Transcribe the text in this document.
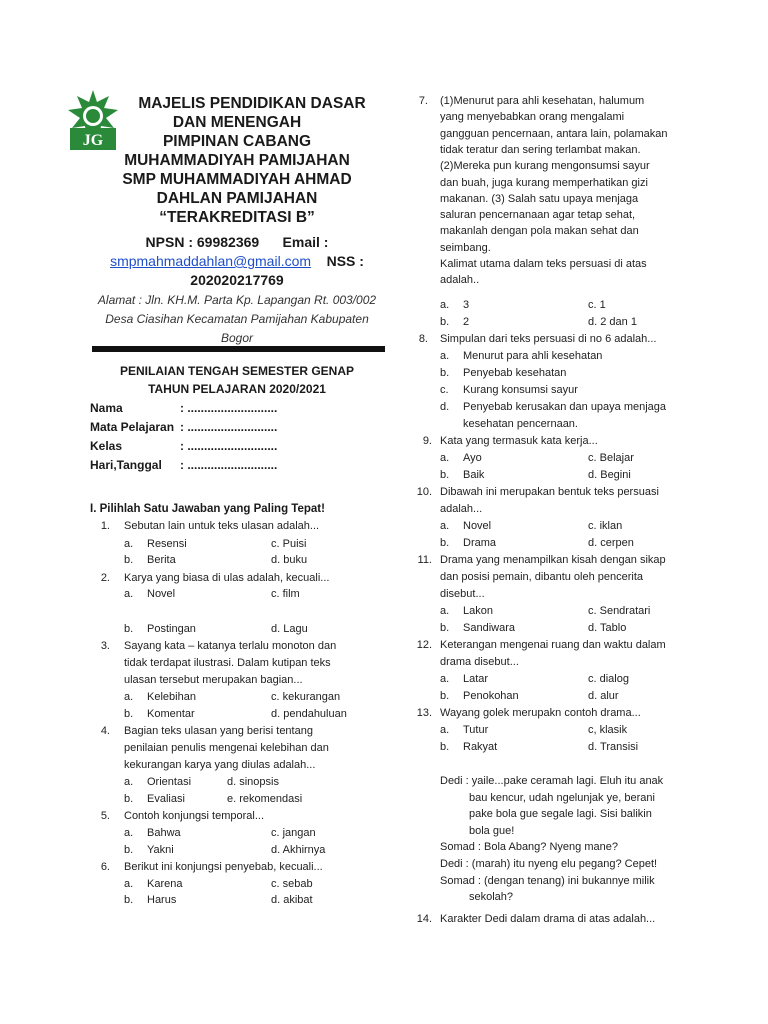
JG
MAJELIS PENDIDIKAN DASAR
DAN MENENGAH
PIMPINAN CABANG
MUHAMMADIYAH PAMIJAHAN
SMP MUHAMMADIYAH AHMAD
DAHLAN PAMIJAHAN
“TERAKREDITASI B”
NPSN : 69982369 Email :
smpmahmaddahlan@gmail.com NSS :
202020217769
Alamat : Jln. KH.M. Parta Kp. Lapangan Rt. 003/002
Desa Ciasihan Kecamatan Pamijahan Kabupaten
Bogor
PENILAIAN TENGAH SEMESTER GENAP
TAHUN PELAJARAN 2020/2021
Nama	: ...........................
Mata Pelajaran : ...........................
Kelas	: ...........................
Hari,Tanggal : ...........................
I. Pilihlah Satu Jawaban yang Paling Tepat!
1. Sebutan lain untuk teks ulasan adalah...
a. Resensi	c. Puisi
b. Berita	d. buku
2. Karya yang biasa di ulas adalah, kecuali...
a. Novel	c. film
b. Postingan	d. Lagu
3. Sayang kata – katanya terlalu monoton dan
tidak terdapat ilustrasi. Dalam kutipan teks
ulasan tersebut merupakan bagian...
a. Kelebihan	c. kekurangan
b. Komentar	d. pendahuluan
4. Bagian teks ulasan yang berisi tentang
penilaian penulis mengenai kelebihan dan
kekurangan karya yang diulas adalah...
a. Orientasi	d. sinopsis
b. Evaliasi	e. rekomendasi
5. Contoh konjungsi temporal...
a. Bahwa	c. jangan
b. Yakni	d. Akhirnya
6. Berikut ini konjungsi penyebab, kecuali...
a. Karena	c. sebab
b. Harus	d. akibat
7. (1)Menurut para ahli kesehatan, halumum
yang menyebabkan orang mengalami
gangguan pencernaan, antara lain, polamakan
tidak teratur dan sering terlambat makan.
(2)Mereka pun kurang mengonsumsi sayur
dan buah, juga kurang memperhatikan gizi
makanan. (3) Salah satu upaya menjaga
saluran pencernanaan agar tetap sehat,
makanlah dengan pola makan sehat dan
seimbang.
Kalimat utama dalam teks persuasi di atas
adalah..
a. 3	c. 1
b. 2	d. 2 dan 1
8. Simpulan dari teks persuasi di no 6 adalah...
a. Menurut para ahli kesehatan
b. Penyebab kesehatan
c. Kurang konsumsi sayur
d. Penyebab kerusakan dan upaya menjaga
kesehatan pencernaan.
9. Kata yang termasuk kata kerja...
a. Ayo	c. Belajar
b. Baik	d. Begini
10. Dibawah ini merupakan bentuk teks persuasi
adalah...
a. Novel	c. iklan
b. Drama	d. cerpen
11. Drama yang menampilkan kisah dengan sikap
dan posisi pemain, dibantu oleh pencerita
disebut...
a. Lakon	c. Sendratari
b. Sandiwara	d. Tablo
12. Keterangan mengenai ruang dan waktu dalam
drama disebut...
a. Latar	c. dialog
b. Penokohan	d. alur
13. Wayang golek merupakn contoh drama...
a. Tutur	c, klasik
b. Rakyat	d. Transisi
Dedi : yaile...pake ceramah lagi. Eluh itu anak
bau kencur, udah ngelunjak ye, berani
pake bola gue segale lagi. Sisi balikin
bola gue!
Somad : Bola Abang? Nyeng mane?
Dedi : (marah) itu nyeng elu pegang? Cepet!
Somad : (dengan tenang) ini bukannye milik
sekolah?
14. Karakter Dedi dalam drama di atas adalah...
